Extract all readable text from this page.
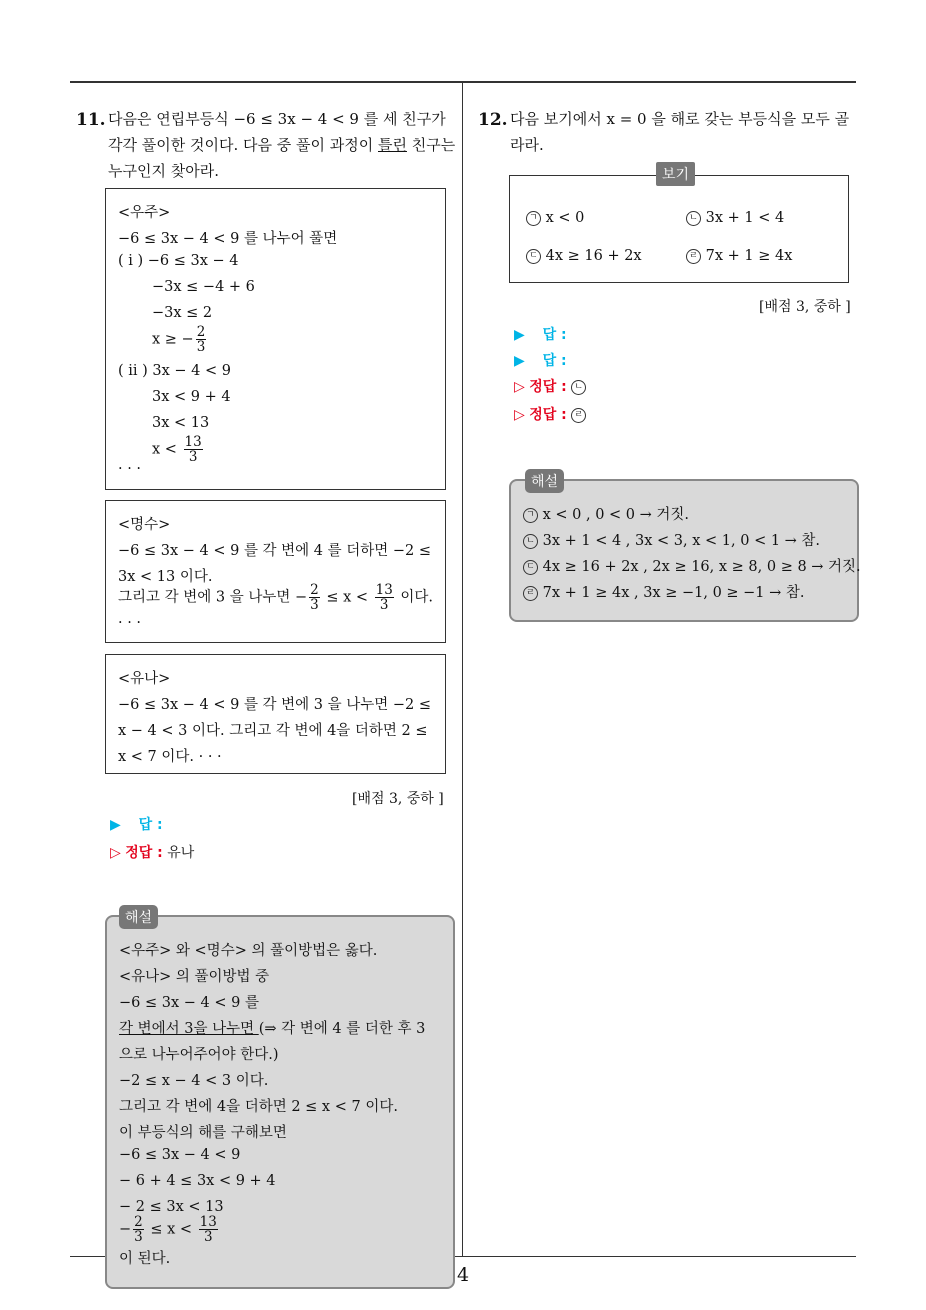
11. 다음은 연립부등식 −6 ≤ 3x − 4 < 9 를 세 친구가
각각 풀이한 것이다. 다음 중 풀이 과정이 틀린 친구는
누구인지 찾아라.
<우주>
−6 ≤ 3x − 4 < 9 를 나누어 풀면
( i ) −6 ≤ 3x − 4
−3x ≤ −4 + 6
−3x ≤ 2
x ≥ − $\frac{2}{3}$
( ii ) 3x − 4 < 9
3x < 9 + 4
3x < 13
$x < \frac{13}{3}$
· · ·
<명수>
−6 ≤ 3x − 4 < 9 를 각 변에 4 를 더하면 −2 ≤
3x < 13 이다.
그리고 각 변에 3 을 나누면 − $\frac{2}{3} \le x < \frac{13}{3}$ 이다.
· · ·
<유나>
−6 ≤ 3x − 4 < 9 를 각 변에 3 을 나누면 −2 ≤
x − 4 < 3 이다. 그리고 각 변에 4을 더하면 2 ≤
x < 7 이다. · · ·
[배점 3, 중하 ]
▶ 답 :
▷ 정답 : 유나
해설
<우주> 와 <명수> 의 풀이방법은 옳다.
<유나> 의 풀이방법 중
−6 ≤ 3x − 4 < 9 를
각 변에서 3을 나누면 (⇒ 각 변에 4 를 더한 후 3
으로 나누어주어야 한다.)
−2 ≤ x − 4 < 3 이다.
그리고 각 변에 4을 더하면 2 ≤ x < 7 이다.
이 부등식의 해를 구해보면
−6 ≤ 3x − 4 < 9
− 6 + 4 ≤ 3x < 9 + 4
− 2 ≤ 3x < 13
− $\frac{2}{3} \le x < \frac{13}{3}$
이 된다.
12. 다음 보기에서 x = 0 을 해로 갖는 부등식을 모두 골
라라.
보기
ㄱ x < 0	ㄴ 3x + 1 < 4
ㄷ 4x ≥ 16 + 2x	ㄹ 7x + 1 ≥ 4x
[배점 3, 중하 ]
▶ 답 :
▶ 답 :
▷ 정답 : ㄴ
▷ 정답 : ㄹ
해설
ㄱ x < 0 , 0 < 0 → 거짓.
ㄴ 3x + 1 < 4 , 3x < 3, x < 1, 0 < 1 → 참.
ㄷ 4x ≥ 16 + 2x , 2x ≥ 16, x ≥ 8, 0 ≥ 8 → 거짓.
ㄹ 7x + 1 ≥ 4x , 3x ≥ −1, 0 ≥ −1 → 참.
4
